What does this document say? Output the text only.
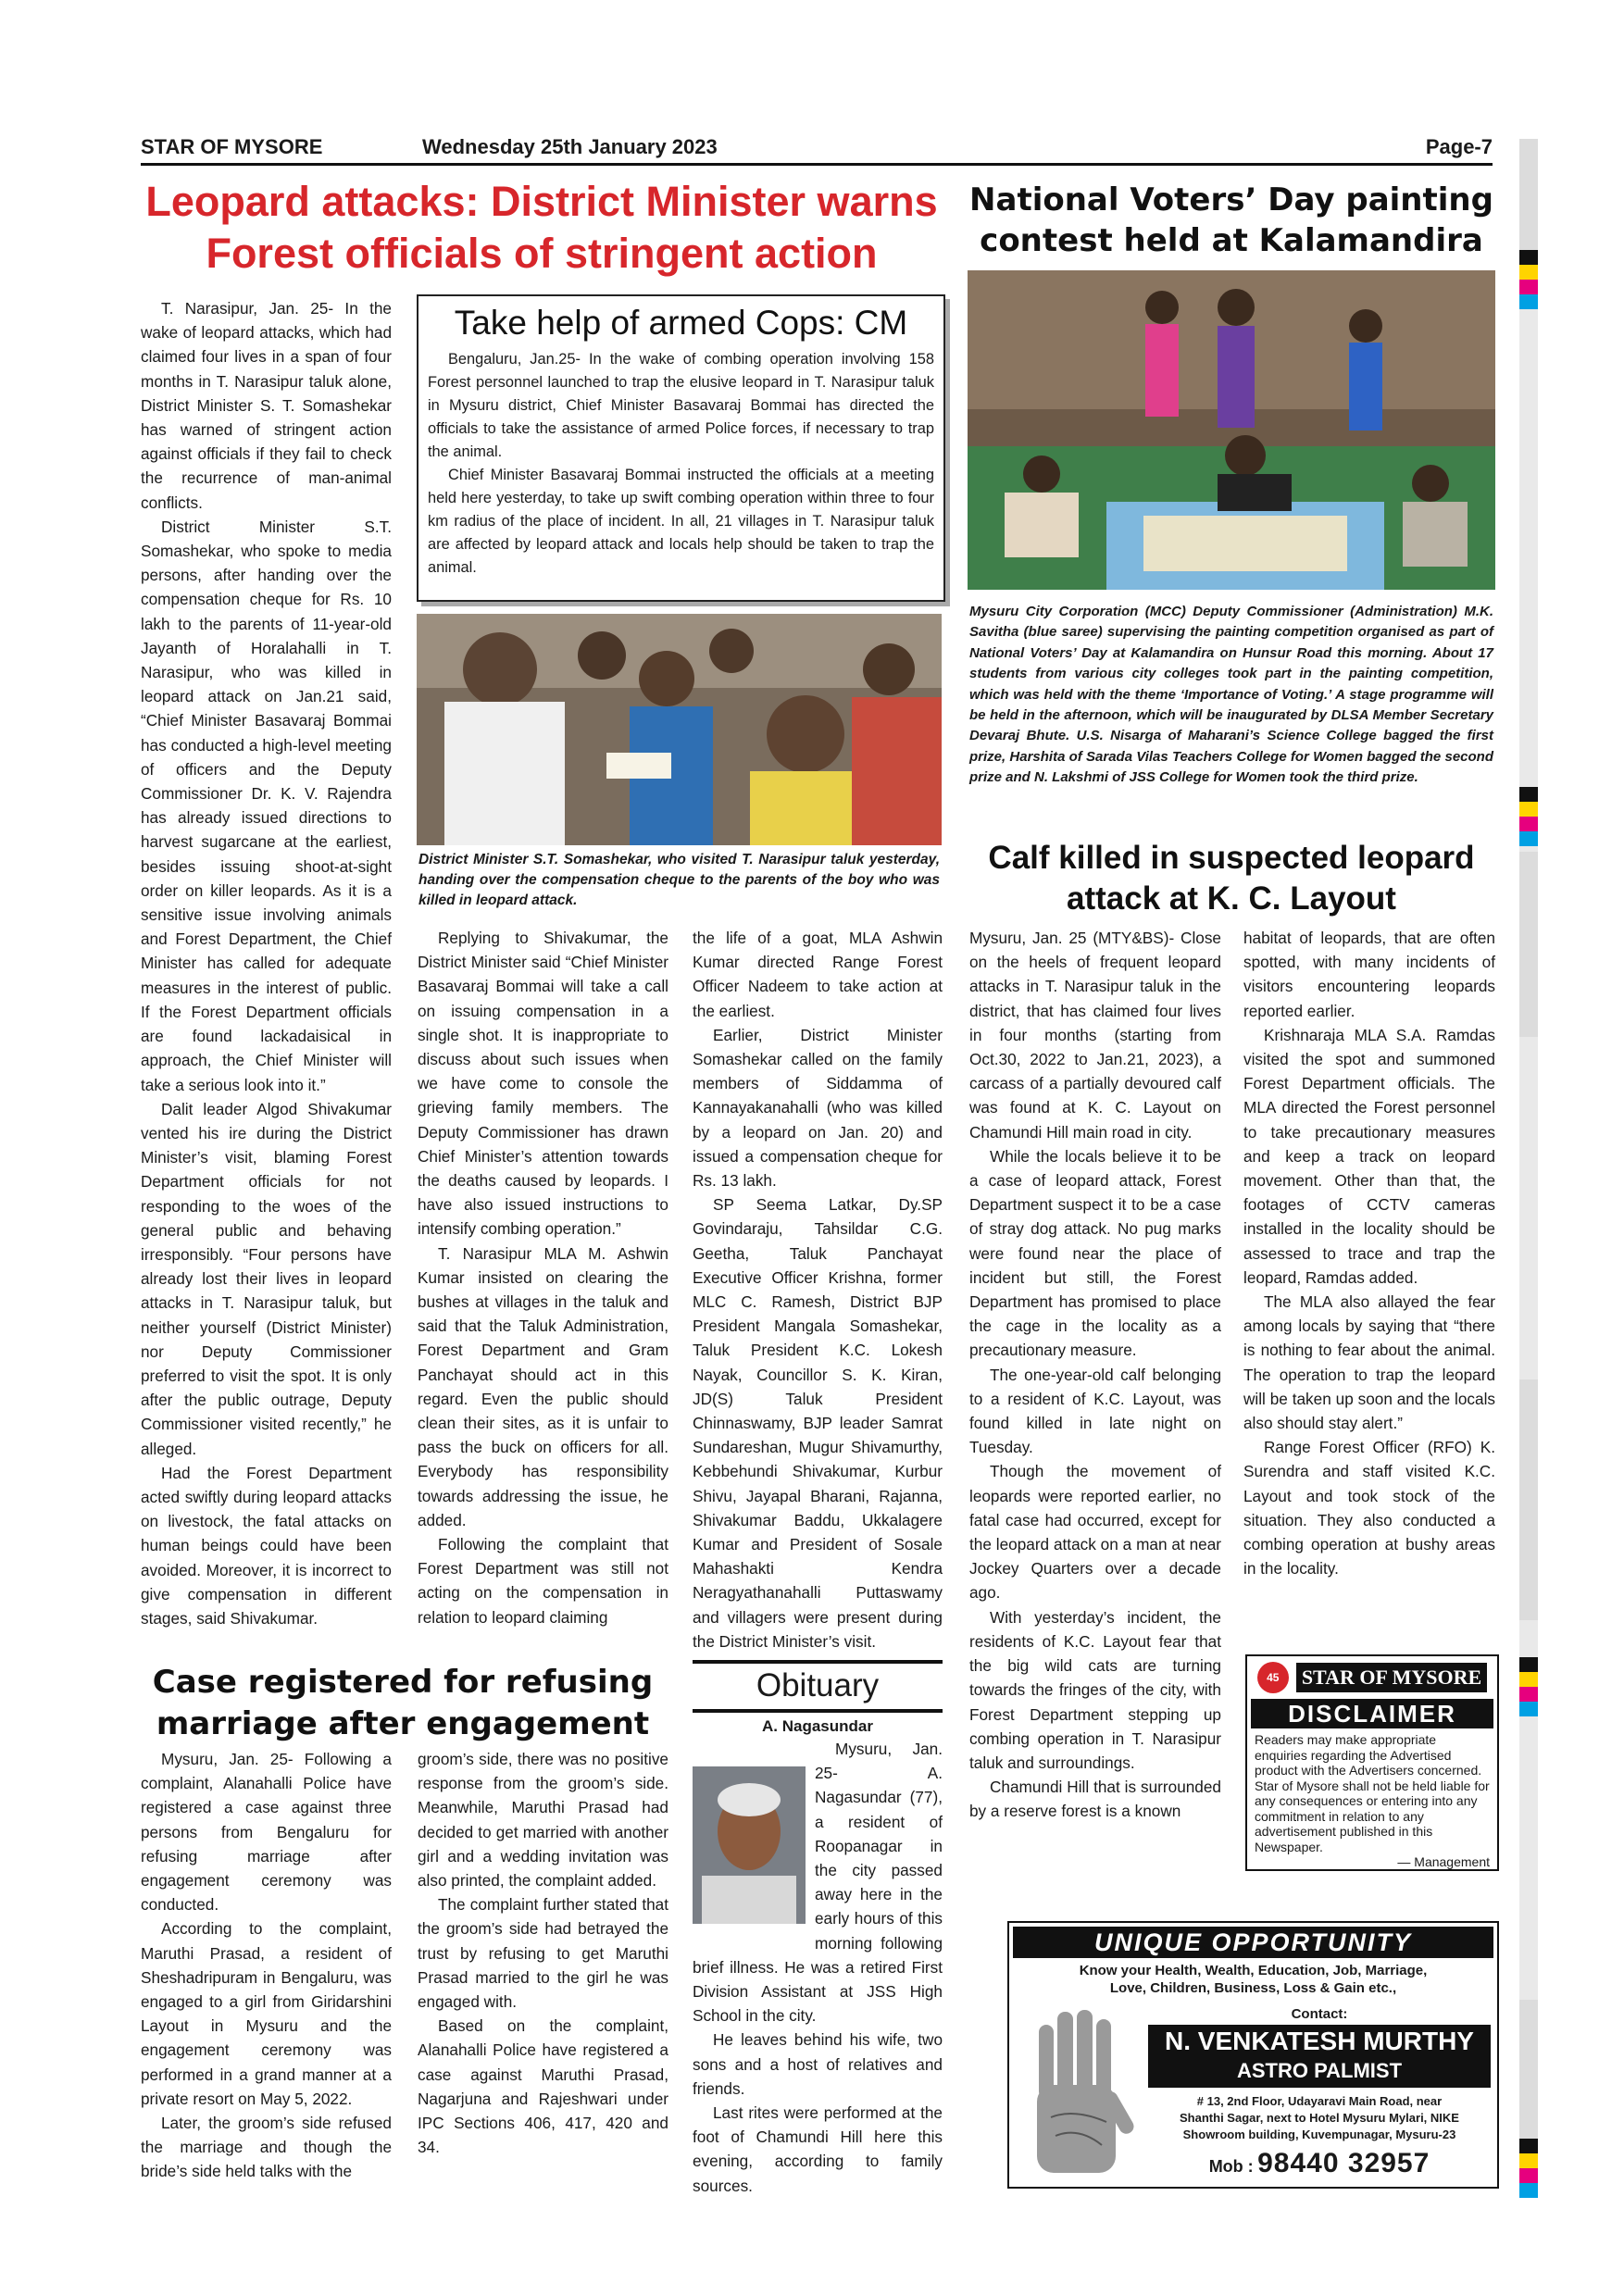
STAR OF MYSORE	Wednesday 25th January 2023	Page-7
Leopard attacks: District Minister warns
Forest officials of stringent action

T. Narasipur, Jan. 25- In the wake of leopard attacks, which had claimed four lives in a span of four months in T. Narasipur taluk alone, District Minister S. T. Somashekar has warned of stringent action against officials if they fail to check the recurrence of man-animal conflicts.

District Minister S.T. Somashekar, who spoke to media persons, after handing over the compensation cheque for Rs. 10 lakh to the parents of 11-year-old Jayanth of Horalahalli in T. Narasipur, who was killed in leopard attack on Jan.21 said, “Chief Minister Basavaraj Bommai has conducted a high-level meeting of officers and the Deputy Commissioner Dr. K. V. Rajendra has already issued directions to harvest sugarcane at the earliest, besides issuing shoot-at-sight order on killer leopards. As it is a sensitive issue involving animals and Forest Department, the Chief Minister has called for adequate measures in the interest of public. If the Forest Department officials are found lackadaisical in approach, the Chief Minister will take a serious look into it.”

Dalit leader Algod Shivakumar vented his ire during the District Minister’s visit, blaming Forest Department officials for not responding to the woes of the general public and behaving irresponsibly. “Four persons have already lost their lives in leopard attacks in T. Narasipur taluk, but neither yourself (District Minister) nor Deputy Commissioner preferred to visit the spot. It is only after the public outrage, Deputy Commissioner visited recently,” he alleged.

Had the Forest Department acted swiftly during leopard attacks on livestock, the fatal attacks on human beings could have been avoided. Moreover, it is incorrect to give compensation in different stages, said Shivakumar.

Take help of armed Cops: CM

Bengaluru, Jan.25- In the wake of combing operation involving 158 Forest personnel launched to trap the elusive leopard in T. Narasipur taluk in Mysuru district, Chief Minister Basavaraj Bommai has directed the officials to take the assistance of armed Police forces, if necessary to trap the animal.

Chief Minister Basavaraj Bommai instructed the officials at a meeting held here yesterday, to take up swift combing operation within three to four km radius of the place of incident. In all, 21 villages in T. Narasipur taluk are affected by leopard attack and locals help should be taken to trap the animal.

District Minister S.T. Somashekar, who visited T. Narasipur taluk yesterday, handing over the compensation cheque to the parents of the boy who was killed in leopard attack.

Replying to Shivakumar, the District Minister said “Chief Minister Basavaraj Bommai will take a call on issuing compensation in a single shot. It is inappropriate to discuss about such issues when we have come to console the grieving family members. The Deputy Commissioner has drawn Chief Minister’s attention towards the deaths caused by leopards. I have also issued instructions to intensify combing operation.”

T. Narasipur MLA M. Ashwin Kumar insisted on clearing the bushes at villages in the taluk and said that the Taluk Administration, Forest Department and Gram Panchayat should act in this regard. Even the public should clean their sites, as it is unfair to pass the buck on officers for all. Everybody has responsibility towards addressing the issue, he added.

Following the complaint that Forest Department was still not acting on the compensation in relation to leopard claiming

the life of a goat, MLA Ashwin Kumar directed Range Forest Officer Nadeem to take action at the earliest.

Earlier, District Minister Somashekar called on the family members of Siddamma of Kannayakanahalli (who was killed by a leopard on Jan. 20) and issued a compensation cheque for Rs. 13 lakh.

SP Seema Latkar, Dy.SP Govindaraju, Tahsildar C.G. Geetha, Taluk Panchayat Executive Officer Krishna, former MLC C. Ramesh, District BJP President Mangala Somashekar, Taluk President K.C. Lokesh Nayak, Councillor S. K. Kiran, JD(S) Taluk President Chinnaswamy, BJP leader Samrat Sundareshan, Mugur Shivamurthy, Kebbehundi Shivakumar, Kurbur Shivu, Jayapal Bharani, Rajanna, Shivakumar Baddu, Ukkalagere Kumar and President of Sosale Mahashakti Kendra Neragyathanahalli Puttaswamy and villagers were present during the District Minister’s visit.

National Voters’ Day painting
contest held at Kalamandira
Mysuru City Corporation (MCC) Deputy Commissioner (Administration) M.K. Savitha (blue saree) supervising the painting competition organised as part of National Voters’ Day at Kalamandira on Hunsur Road this morning. About 17 students from various city colleges took part in the painting competition, which was held with the theme ‘Importance of Voting.’ A stage programme will be held in the afternoon, which will be inaugurated by DLSA Member Secretary Devaraj Bhute. U.S. Nisarga of Maharani’s Science College bagged the first prize, Harshita of Sarada Vilas Teachers College for Women bagged the second prize and N. Lakshmi of JSS College for Women took the third prize.
Calf killed in suspected leopard
attack at K. C. Layout

Mysuru, Jan. 25 (MTY&BS)- Close on the heels of frequent leopard attacks in T. Narasipur taluk in the district, that has claimed four lives in four months (starting from Oct.30, 2022 to Jan.21, 2023), a carcass of a partially devoured calf was found at K. C. Layout on Chamundi Hill main road in city.

While the locals believe it to be a case of leopard attack, Forest Department suspect it to be a case of stray dog attack. No pug marks were found near the place of incident but still, the Forest Department has promised to place the cage in the locality as a precautionary measure.

The one-year-old calf belonging to a resident of K.C. Layout, was found killed in late night on Tuesday.

Though the movement of leopards were reported earlier, no fatal case had occurred, except for the leopard attack on a man at near Jockey Quarters over a decade ago.

With yesterday’s incident, the residents of K.C. Layout fear that the big wild cats are turning towards the fringes of the city, with Forest Department stepping up combing operation in T. Narasipur taluk and surroundings.

Chamundi Hill that is surrounded by a reserve forest is a known

habitat of leopards, that are often spotted, with many incidents of visitors encountering leopards reported earlier.

Krishnaraja MLA S.A. Ramdas visited the spot and summoned Forest Department officials. The MLA directed the Forest personnel to take precautionary measures and keep a track on leopard movement. Other than that, the footages of CCTV cameras installed in the locality should be assessed to trace and trap the leopard, Ramdas added.

The MLA also allayed the fear among locals by saying that “there is nothing to fear about the animal. The operation to trap the leopard will be taken up soon and the locals also should stay alert.”

Range Forest Officer (RFO) K. Surendra and staff visited K.C. Layout and took stock of the situation. They also conducted a combing operation at bushy areas in the locality.

Case registered for refusing
marriage after engagement

Mysuru, Jan. 25- Following a complaint, Alanahalli Police have registered a case against three persons from Bengaluru for refusing marriage after engagement ceremony was conducted.

According to the complaint, Maruthi Prasad, a resident of Sheshadripuram in Bengaluru, was engaged to a girl from Giridarshini Layout in Mysuru and the engagement ceremony was performed in a grand manner at a private resort on May 5, 2022.

Later, the groom’s side refused the marriage and though the bride’s side held talks with the

groom’s side, there was no positive response from the groom’s side. Meanwhile, Maruthi Prasad had decided to get married with another girl and a wedding invitation was also printed, the complaint added.

The complaint further stated that the groom’s side had betrayed the trust by refusing to get Maruthi Prasad married to the girl he was engaged with.

Based on the complaint, Alanahalli Police have registered a case against Maruthi Prasad, Nagarjuna and Rajeshwari under IPC Sections 406, 417, 420 and 34.

Obituary
A. Nagasundar

Mysuru, Jan. 25- A. Nagasundar (77), a resident of Roopanagar in the city passed away here in the early hours of this morning following brief illness. He was a retired First Division Assistant at JSS High School in the city.

He leaves behind his wife, two sons and a host of relatives and friends.

Last rites were performed at the foot of Chamundi Hill here this evening, according to family sources.

45	STAR OF MYSORE
DISCLAIMER
Readers may make appropriate enquiries regarding the Advertised product with the Advertisers concerned. Star of Mysore shall not be held liable for any consequences or entering into any commitment in relation to any advertisement published in this Newspaper.
— Management
UNIQUE OPPORTUNITY
Know your Health, Wealth, Education, Job, Marriage,
Love, Children, Business, Loss & Gain etc.,
Contact:
N. VENKATESH MURTHY
ASTRO PALMIST
# 13, 2nd Floor, Udayaravi Main Road, near
Shanthi Sagar, next to Hotel Mysuru Mylari, NIKE
Showroom building, Kuvempunagar, Mysuru-23
Mob : 98440 32957
